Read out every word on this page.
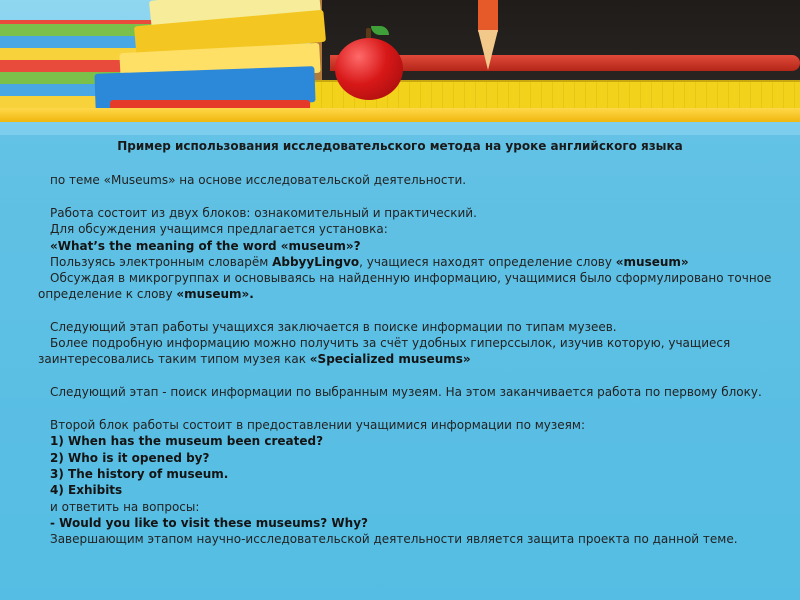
Пример использования исследовательского метода на уроке английского языка
по теме «Museums» на основе исследовательской деятельности.
Работа состоит из двух блоков: ознакомительный и практический.
Для обсуждения учащимся предлагается установка:
«What’s the meaning of the word «museum»?
Пользуясь электронным словарём AbbyyLingvo, учащиеся находят определение слову «museum»
Обсуждая в микрогруппах и основываясь на найденную информацию, учащимися было сформулировано точное
определение к слову «museum».
Следующий этап работы учащихся заключается в поиске информации по типам музеев.
Более подробную информацию можно получить за счёт удобных гиперссылок, изучив которую, учащиеся
заинтересовались таким типом музея как «Specialized museums»
Следующий этап - поиск информации по выбранным музеям. На этом заканчивается работа по первому блоку.
Второй блок работы состоит в предоставлении учащимися информации по музеям:
1) When has the museum been created?
2) Who is it opened by?
3) The history of museum.
4) Exhibits
и ответить на вопросы:
- Would you like to visit these museums? Why?
Завершающим этапом научно-исследовательской деятельности является защита проекта по данной теме.
